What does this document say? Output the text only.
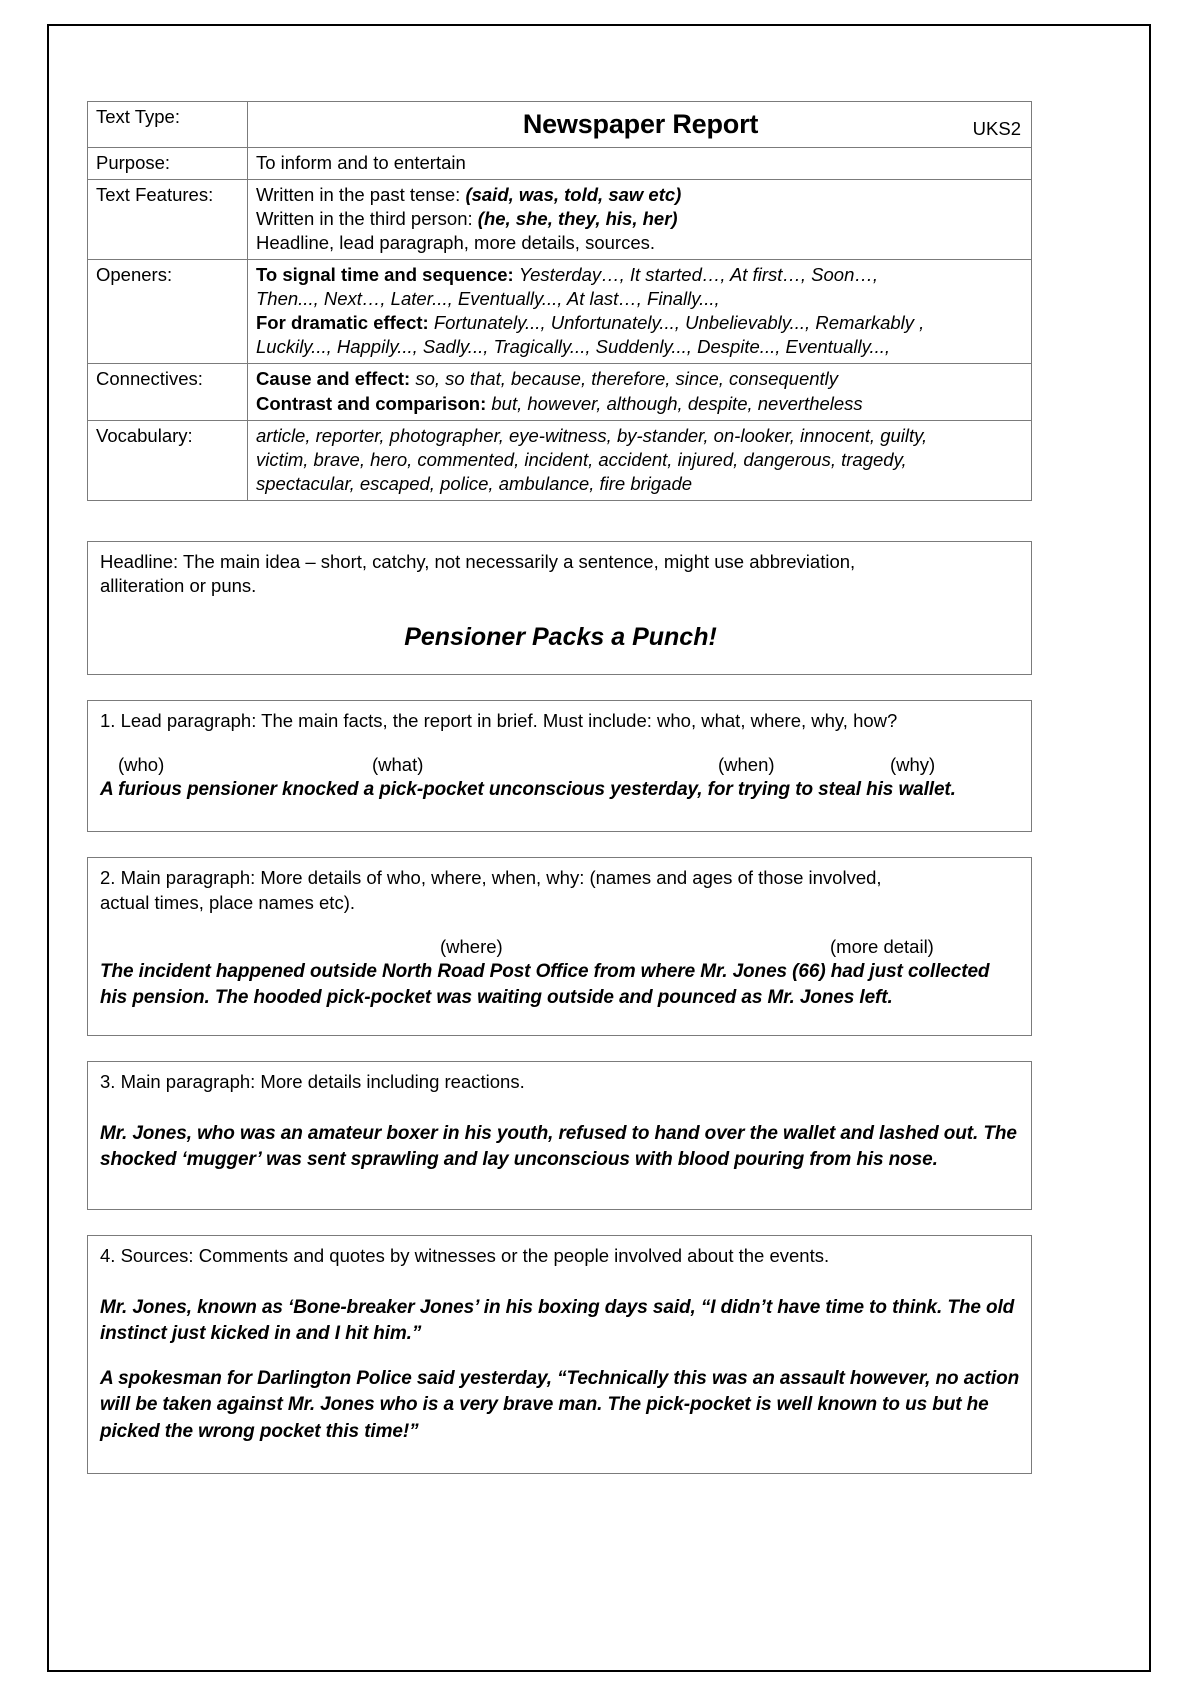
Text Type:	Newspaper Report UKS2

Purpose:	To inform and to entertain
Text Features:	Written in the past tense: (said, was, told, saw etc)
Written in the third person: (he, she, they, his, her)
Headline, lead paragraph, more details, sources.

Openers:	To signal time and sequence: Yesterday…, It started…, At first…, Soon…,
Then..., Next…, Later..., Eventually..., At last…, Finally...,
For dramatic effect: Fortunately..., Unfortunately..., Unbelievably..., Remarkably ,
Luckily..., Happily..., Sadly..., Tragically..., Suddenly..., Despite..., Eventually...,

Connectives:	Cause and effect: so, so that, because, therefore, since, consequently
Contrast and comparison: but, however, although, despite, nevertheless

Vocabulary:	article, reporter, photographer, eye-witness, by-stander, on-looker, innocent, guilty,
victim, brave, hero, commented, incident, accident, injured, dangerous, tragedy,
spectacular, escaped, police, ambulance, fire brigade
Headline: The main idea – short, catchy, not necessarily a sentence, might use abbreviation,
alliteration or puns.
Pensioner Packs a Punch!
1. Lead paragraph: The main facts, the report in brief. Must include: who, what, where, why, how?
(who)	(what)	(when)	(why)

A furious pensioner knocked a pick-pocket unconscious yesterday, for trying to steal his wallet.

2. Main paragraph: More details of who, where, when, why: (names and ages of those involved,
actual times, place names etc).
(where)	(more detail)

The incident happened outside North Road Post Office from where Mr. Jones (66) had just collected his pension. The hooded pick-pocket was waiting outside and pounced as Mr. Jones left.

3. Main paragraph: More details including reactions.

Mr. Jones, who was an amateur boxer in his youth, refused to hand over the wallet and lashed out. The shocked ‘mugger’ was sent sprawling and lay unconscious with blood pouring from his nose.

4. Sources: Comments and quotes by witnesses or the people involved about the events.

Mr. Jones, known as ‘Bone-breaker Jones’ in his boxing days said, “I didn’t have time to think. The old instinct just kicked in and I hit him.”

A spokesman for Darlington Police said yesterday, “Technically this was an assault however, no action will be taken against Mr. Jones who is a very brave man. The pick-pocket is well known to us but he picked the wrong pocket this time!”
